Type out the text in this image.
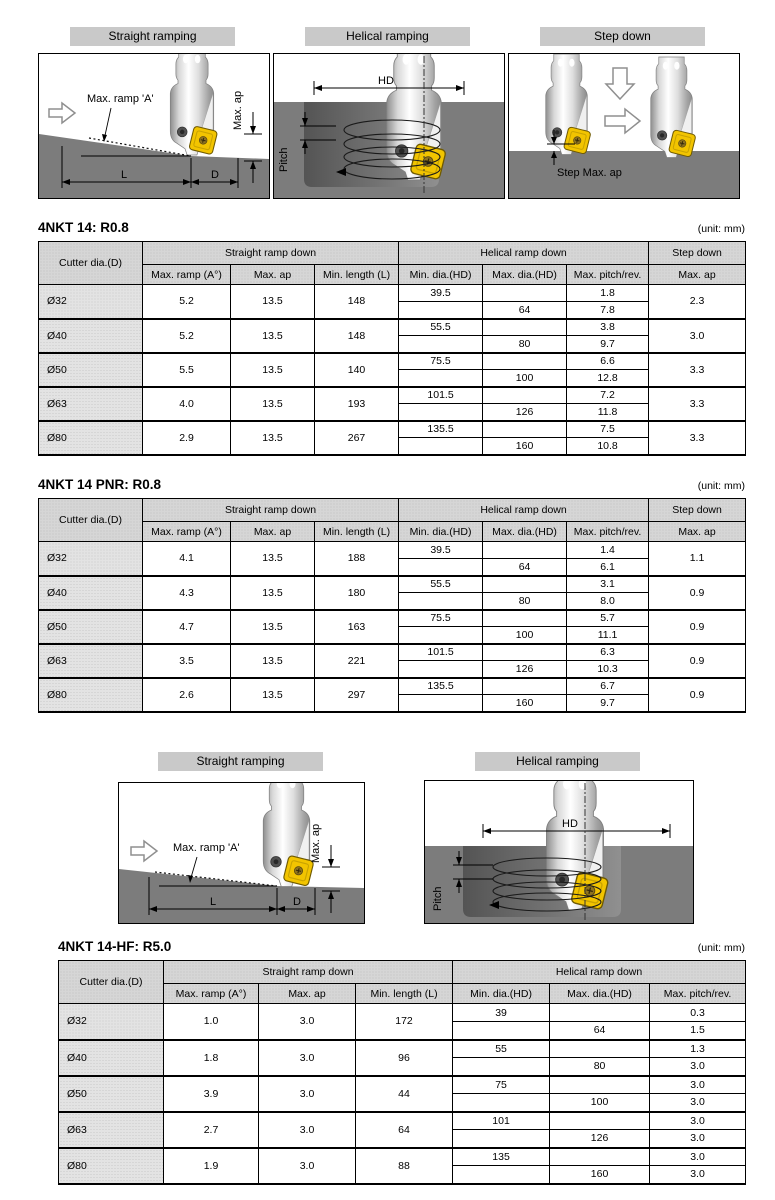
Straight ramping	Helical ramping	Step down
Max. ramp 'A'
L	D
Max. ap
HD
Pitch
Step Max. ap
4NKT 14: R0.8	(unit: mm)
Cutter dia.(D)	Straight ramp down			Helical ramp down			Step down
	Max. ramp (A°)	Max. ap	Min. length (L)	Min. dia.(HD)	Max. dia.(HD)	Max. pitch/rev.	Max. ap
Ø32	5.2	13.5	148	39.5		1.8	2.3
					64	7.8	
Ø40	5.2	13.5	148	55.5		3.8	3.0
					80	9.7	
Ø50	5.5	13.5	140	75.5		6.6	3.3
					100	12.8	
Ø63	4.0	13.5	193	101.5		7.2	3.3
					126	11.8	
Ø80	2.9	13.5	267	135.5		7.5	3.3
					160	10.8	
4NKT 14 PNR: R0.8	(unit: mm)
Cutter dia.(D)	Straight ramp down			Helical ramp down			Step down
	Max. ramp (A°)	Max. ap	Min. length (L)	Min. dia.(HD)	Max. dia.(HD)	Max. pitch/rev.	Max. ap
Ø32	4.1	13.5	188	39.5		1.4	1.1
					64	6.1	
Ø40	4.3	13.5	180	55.5		3.1	0.9
					80	8.0	
Ø50	4.7	13.5	163	75.5		5.7	0.9
					100	11.1	
Ø63	3.5	13.5	221	101.5		6.3	0.9
					126	10.3	
Ø80	2.6	13.5	297	135.5		6.7	0.9
					160	9.7	
Straight ramping	Helical ramping
Max. ramp 'A'
L	D
Max. ap	HD
Pitch
4NKT 14-HF: R5.0	(unit: mm)
Cutter dia.(D)	Straight ramp down			Helical ramp down		
	Max. ramp (A°)	Max. ap	Min. length (L)	Min. dia.(HD)	Max. dia.(HD)	Max. pitch/rev.
Ø32	1.0	3.0	172	39		0.3
					64	1.5
Ø40	1.8	3.0	96	55		1.3
					80	3.0
Ø50	3.9	3.0	44	75		3.0
					100	3.0
Ø63	2.7	3.0	64	101		3.0
					126	3.0
Ø80	1.9	3.0	88	135		3.0
					160	3.0
